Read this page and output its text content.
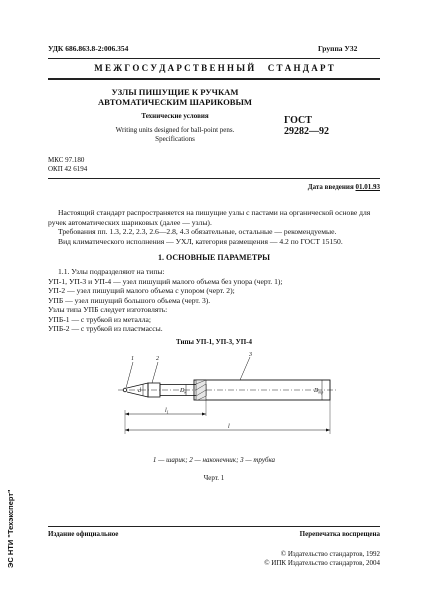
УДК 686.863.8-2:006.354	Группа У32
М Е Ж Г О С У Д А Р С Т В Е Н Н Ы Й      С Т А Н Д А Р Т
УЗЛЫ ПИШУЩИЕ К РУЧКАМ
АВТОМАТИЧЕСКИМ ШАРИКОВЫМ
Технические условия
Writing units designed for ball-point pens.
Specifications
ГОСТ
29282—92
МКС 97.180
ОКП 42 6194
Дата введения 01.01.93
Настоящий стандарт распространяется на пишущие узлы с пастами на органической основе для ручек автоматических шариковых (далее — узлы).
Требования пп. 1.3, 2.2, 2.3, 2.6—2.8, 4.3 обязательные, остальные — рекомендуемые.
Вид климатического исполнения — УХЛ, категория размещения — 4.2 по ГОСТ 15150.
1. ОСНОВНЫЕ ПАРАМЕТРЫ
1.1. Узлы подразделяют на типы:
УП-1, УП-3 и УП-4 — узел пишущий малого объема без упора (черт. 1);
УП-2 — узел пишущий малого объема с упором (черт. 2);
УПБ — узел пишущий большого объема (черт. 3).
Узлы типа УПБ следует изготовлять:
УПБ-1 — с трубкой из металла;
УПБ-2 — с трубкой из пластмассы.
Типы УП-1, УП-3, УП-4
1	2
3
d	$D_н$	$D_{тр}$
$l_1$
l
1 — шарик; 2 — наконечник; 3 — трубка
Черт. 1
Издание официальное	Перепечатка воспрещена
© Издательство стандартов, 1992
© ИПК Издательство стандартов, 2004
ЭС НТИ "Техэксперт"
